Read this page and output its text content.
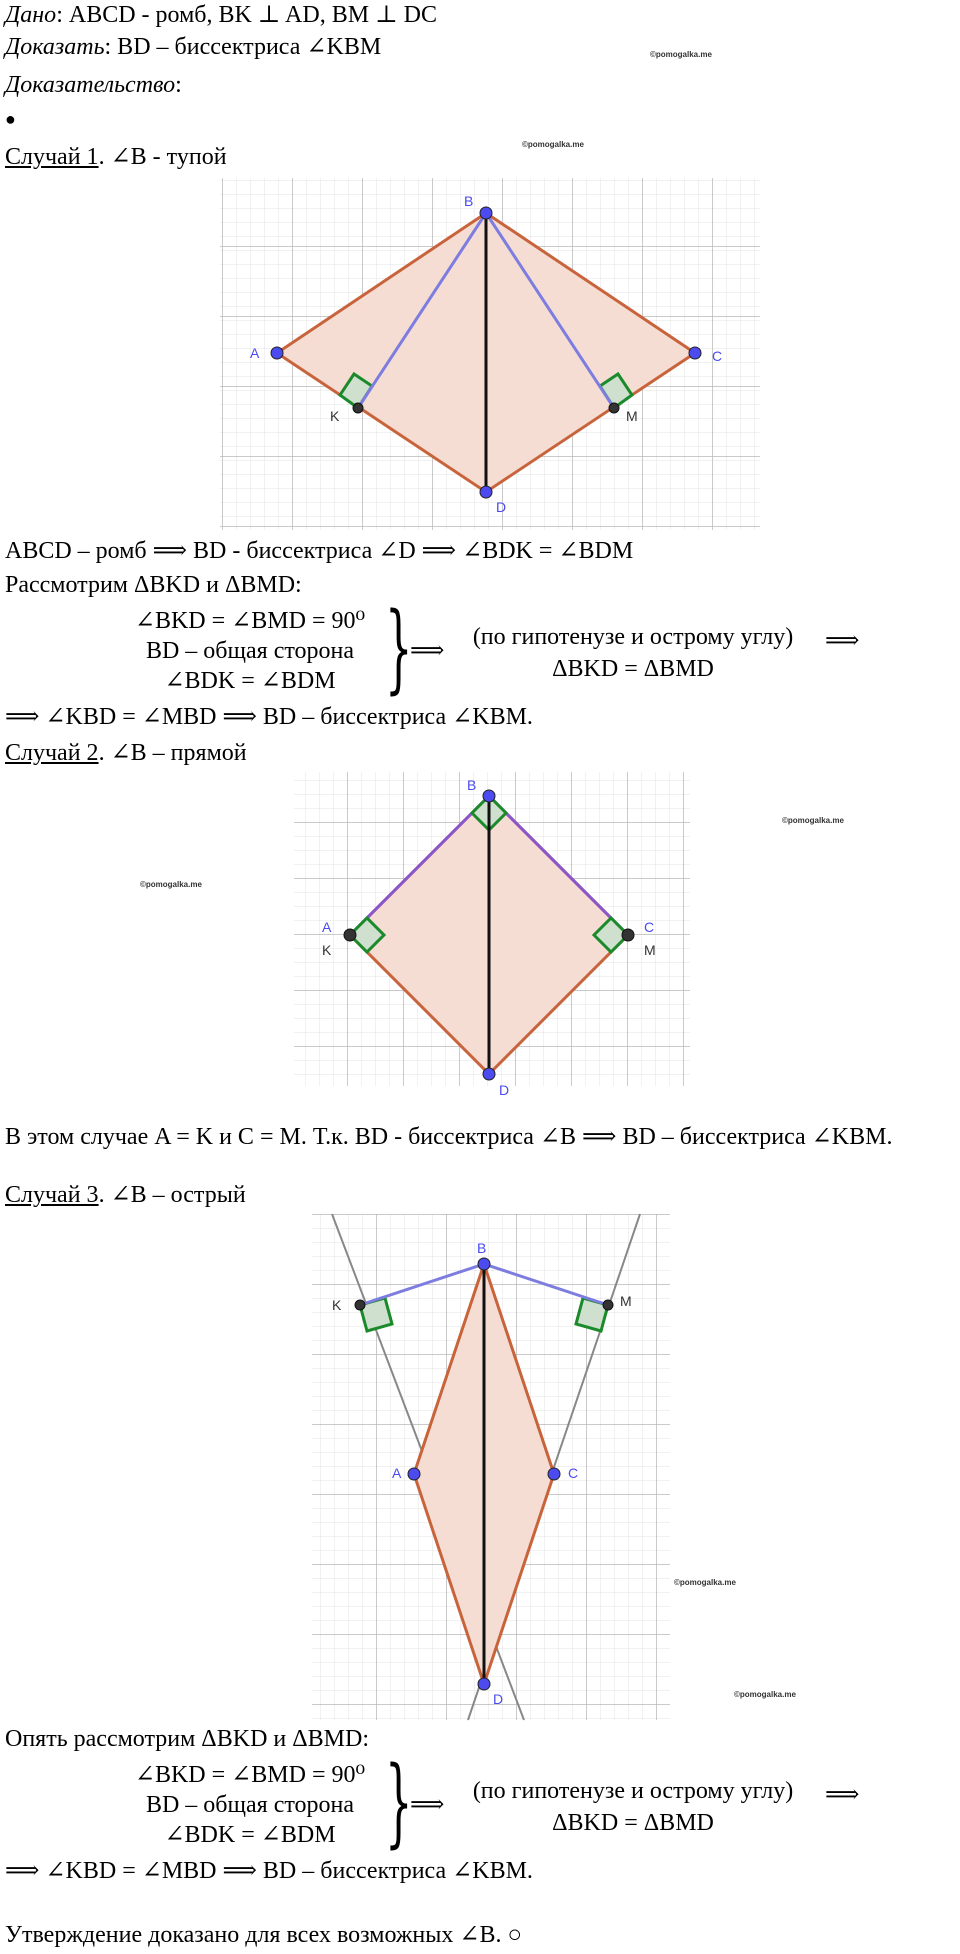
Дано: ABCD - ромб, BK ⊥ AD, BM ⊥ DC
Доказать: BD – биссектриса ∠KBM	©pomogalka.me
Доказательство:
●
Случай 1. ∠B - тупой	©pomogalka.me
A
B
C
D
K	M
ABCD – ромб ⟹ BD - биссектриса ∠D ⟹ ∠BDK = ∠BDM
Рассмотрим ΔBKD и ΔBMD:
∠BKD = ∠BMD = 90⁰
BD – общая сторона
∠BDK = ∠BDM }
⟹
(по гипотенузе и острому углу)
ΔBKD = ΔBMD
⟹
⟹ ∠KBD = ∠MBD ⟹ BD – биссектриса ∠KBM.
Случай 2. ∠B – прямой
A
K
B
C
M
D
©pomogalka.me
©pomogalka.me
В этом случае A = K и C = M. Т.к. BD - биссектриса ∠B ⟹ BD – биссектриса ∠KBM.
Случай 3. ∠B – острый
A
B
C
D
K	M
©pomogalka.me
©pomogalka.me
Опять рассмотрим ΔBKD и ΔBMD:
∠BKD = ∠BMD = 90⁰
BD – общая сторона
∠BDK = ∠BDM }
⟹
(по гипотенузе и острому углу)
ΔBKD = ΔBMD
⟹
⟹ ∠KBD = ∠MBD ⟹ BD – биссектриса ∠KBM.
Утверждение доказано для всех возможных ∠B. ○
